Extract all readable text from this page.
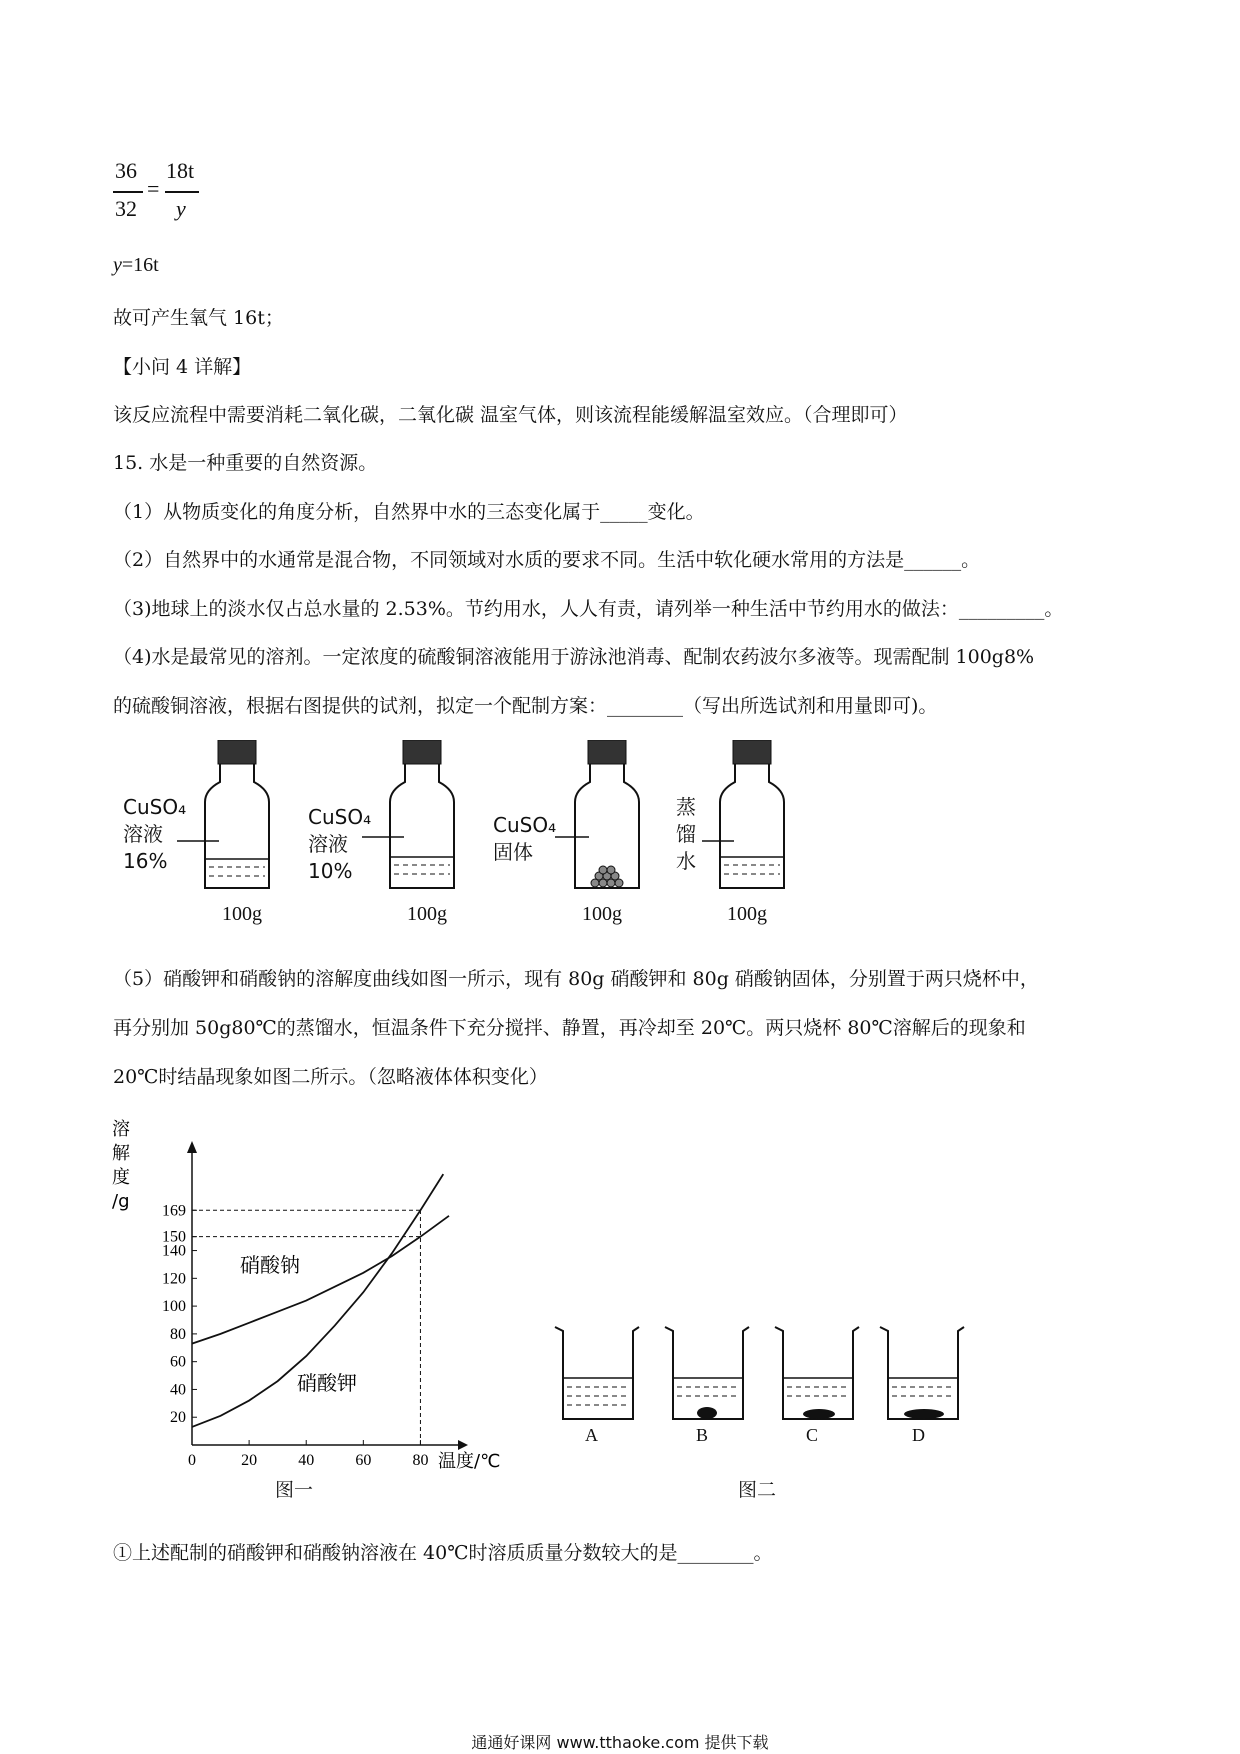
36
32
=
18t
y
y=16t
故可产生氧气 16t；
【小问 4 详解】
该反应流程中需要消耗二氧化碳，二氧化碳 温室气体，则该流程能缓解温室效应。（合理即可）
15. 水是一种重要的自然资源。
（1）从物质变化的角度分析，自然界中水的三态变化属于_____变化。
（2）自然界中的水通常是混合物，不同领域对水质的要求不同。生活中软化硬水常用的方法是______。
（3)地球上的淡水仅占总水量的 2.53%。节约用水，人人有责，请列举一种生活中节约用水的做法：_________。
（4)水是最常见的溶剂。一定浓度的硫酸铜溶液能用于游泳池消毒、配制农药波尔多液等。现需配制 100g8%
的硫酸铜溶液，根据右图提供的试剂，拟定一个配制方案：________（写出所选试剂和用量即可)。
CuSO₄
溶液
16%
CuSO₄
溶液
10%
CuSO₄
固体
蒸
馏
水
100g	100g	100g	100g
（5）硝酸钾和硝酸钠的溶解度曲线如图一所示，现有 80g 硝酸钾和 80g 硝酸钠固体，分别置于两只烧杯中，
再分别加 50g80℃的蒸馏水，恒温条件下充分搅拌、静置，再冷却至 20℃。两只烧杯 80℃溶解后的现象和
20℃时结晶现象如图二所示。（忽略液体体积变化）
0	20	40	60	80
20
40
60
80
100
120
140
150
169
硝酸钠
硝酸钾
溶
解
度
/g
温度/℃
A	B	C	D
图一	图二
①上述配制的硝酸钾和硝酸钠溶液在 40℃时溶质质量分数较大的是________。
通通好课网 www.tthaoke.com 提供下载
